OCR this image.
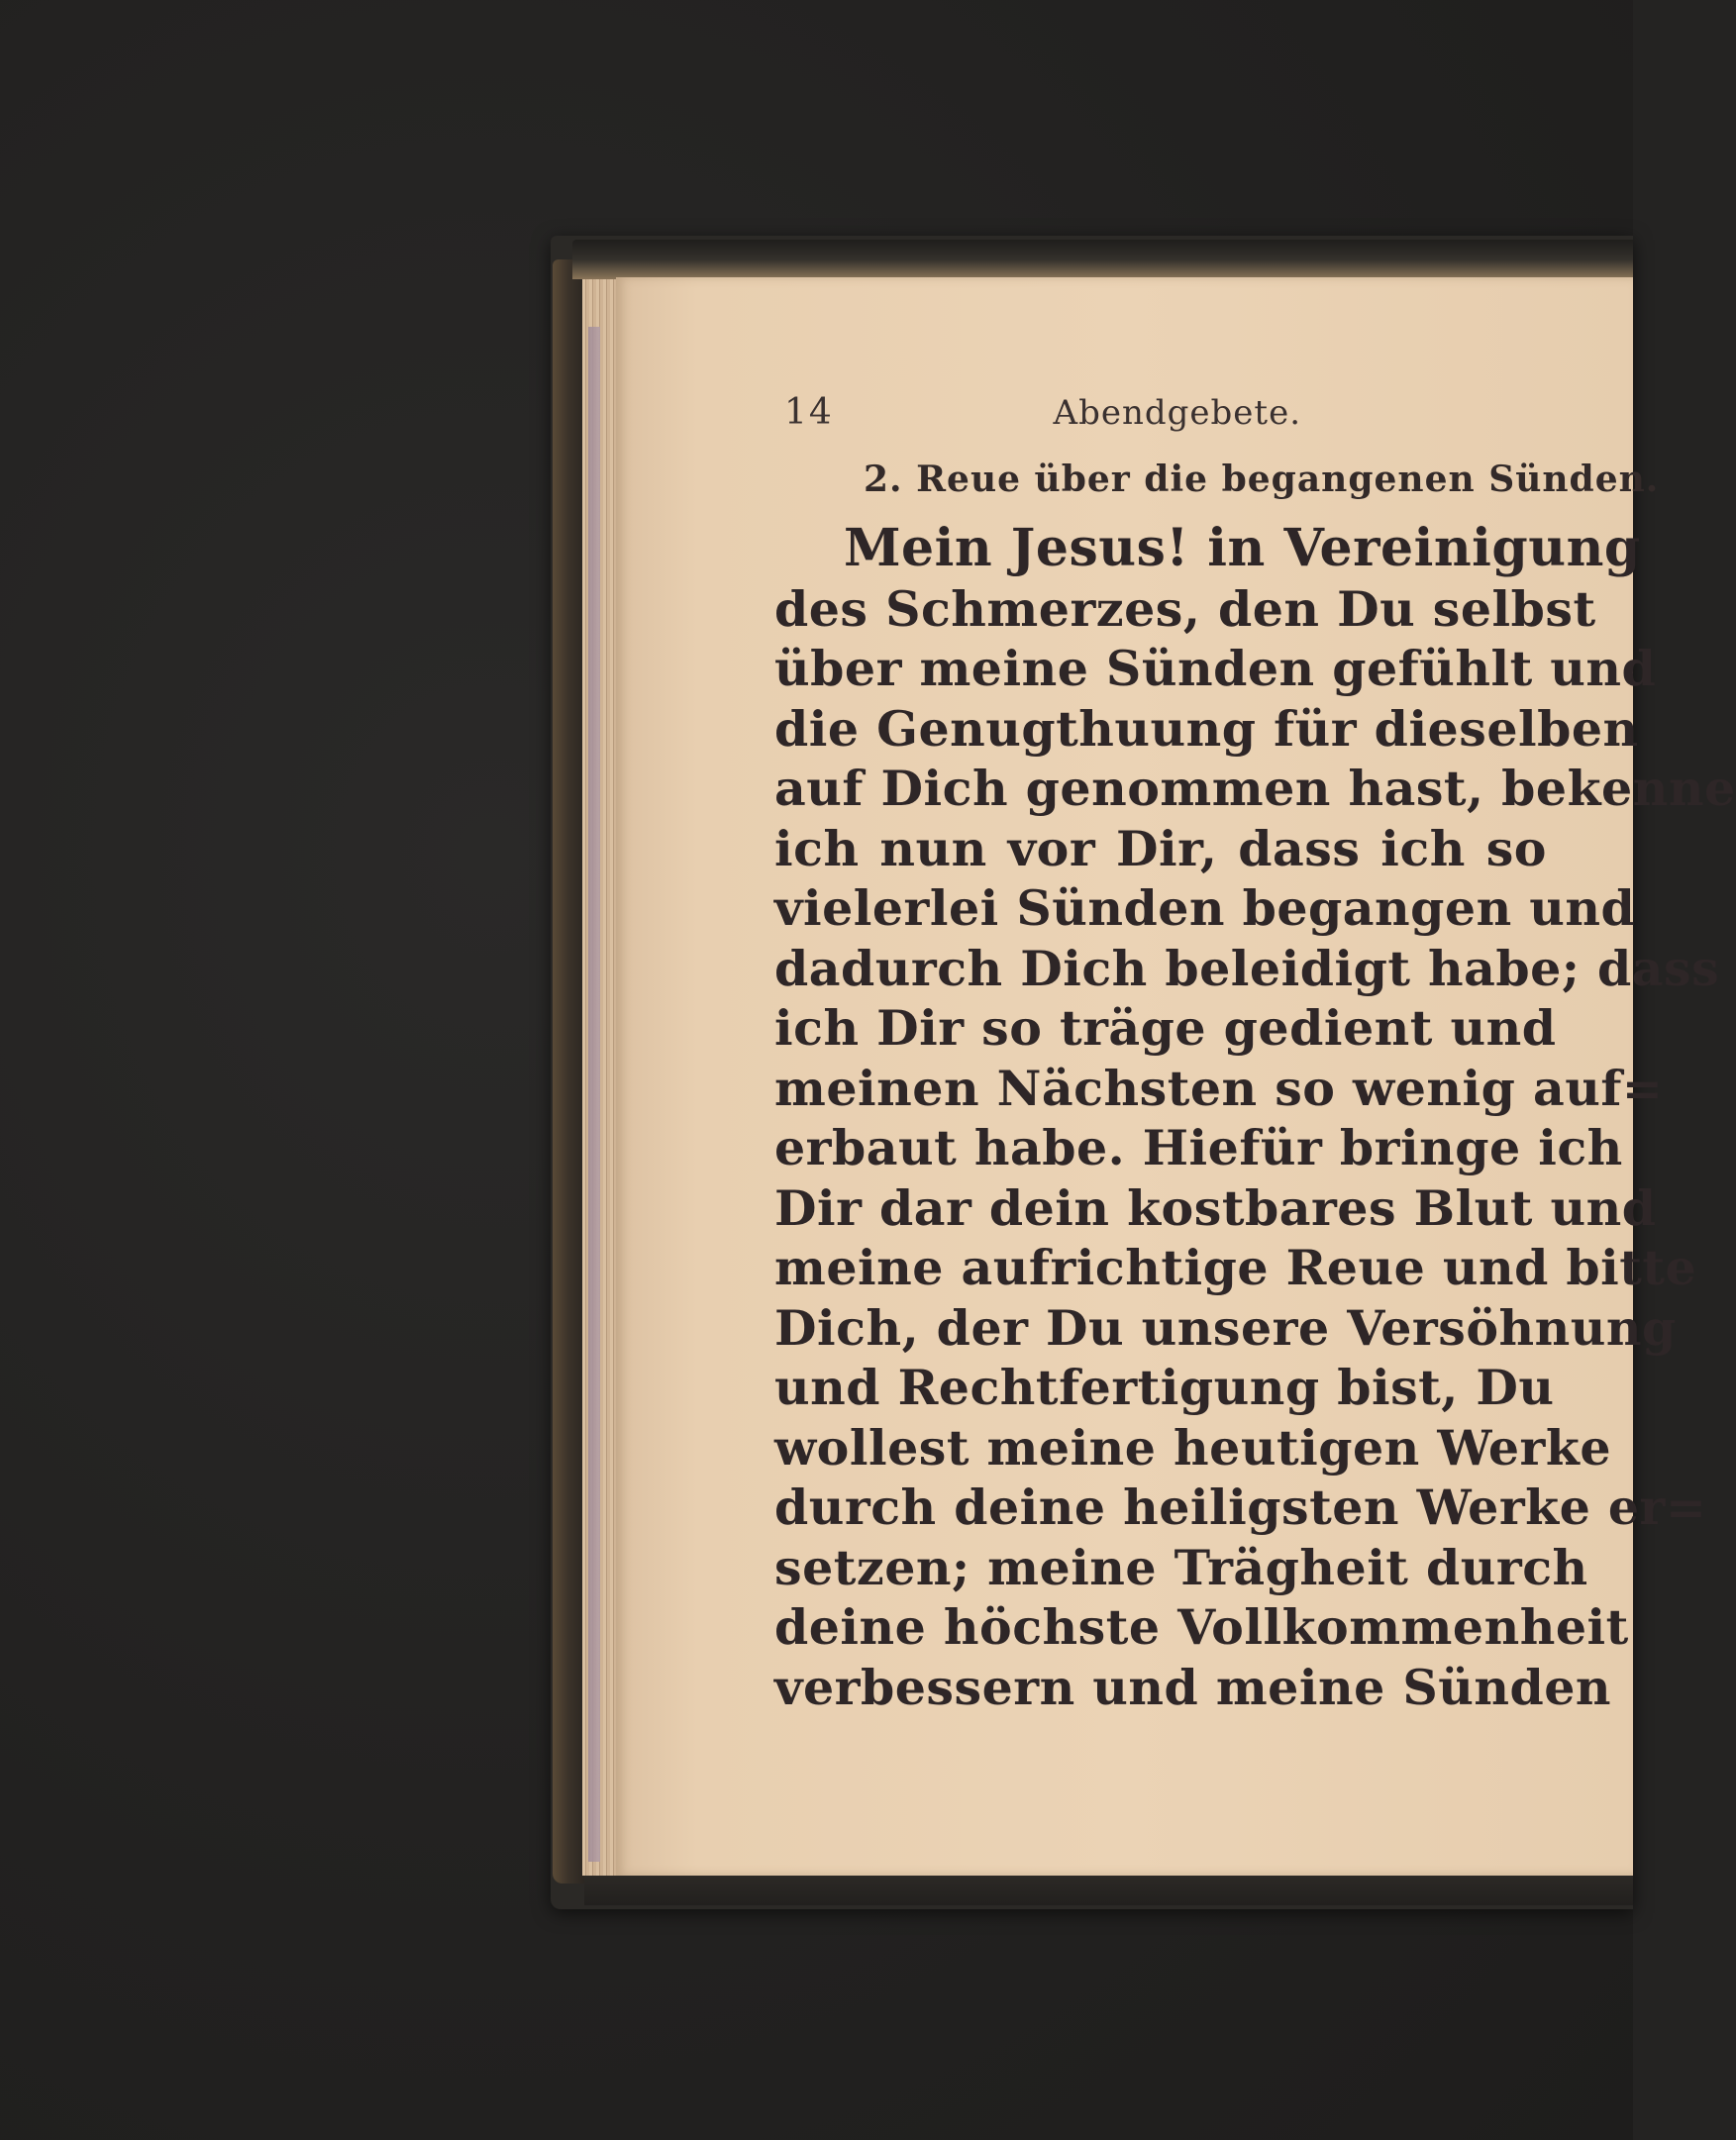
14	Abendgebete.
2. Reue über die begangenen Sünden.
Mein Jesus! in Vereinigung
des Schmerzes, den Du selbst
über meine Sünden gefühlt und
die Genugthuung für dieselben
auf Dich genommen hast, bekenne
ich nun vor Dir, dass ich so
vielerlei Sünden begangen und
dadurch Dich beleidigt habe; dass
ich Dir so träge gedient und
meinen Nächsten so wenig auf=
erbaut habe. Hiefür bringe ich
Dir dar dein kostbares Blut und
meine aufrichtige Reue und bitte
Dich, der Du unsere Versöhnung
und Rechtfertigung bist, Du
wollest meine heutigen Werke
durch deine heiligsten Werke er=
setzen; meine Trägheit durch
deine höchste Vollkommenheit
verbessern und meine Sünden
